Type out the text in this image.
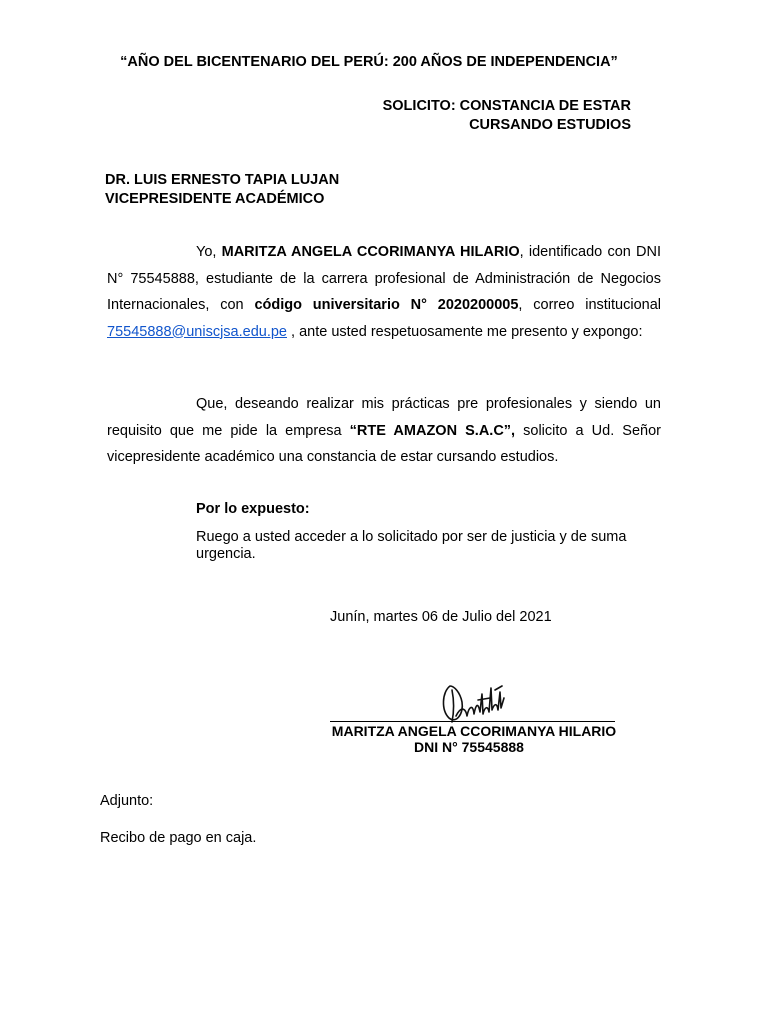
“AÑO DEL BICENTENARIO DEL PERÚ: 200 AÑOS DE INDEPENDENCIA”
SOLICITO: CONSTANCIA DE ESTAR
CURSANDO ESTUDIOS
DR. LUIS ERNESTO TAPIA LUJAN
VICEPRESIDENTE ACADÉMICO
Yo, MARITZA ANGELA CCORIMANYA HILARIO, identificado con DNI N° 75545888, estudiante de la carrera profesional de Administración de Negocios Internacionales, con código universitario N° 2020200005, correo institucional 75545888@uniscjsa.edu.pe , ante usted respetuosamente me presento y expongo:
Que, deseando realizar mis prácticas pre profesionales y siendo un requisito que me pide la empresa “RTE AMAZON S.A.C”, solicito a Ud. Señor vicepresidente académico una constancia de estar cursando estudios.
Por lo expuesto:
Ruego a usted acceder a lo solicitado por ser de justicia y de suma urgencia.
Junín, martes 06 de Julio del 2021
MARITZA ANGELA CCORIMANYA HILARIO
DNI N° 75545888
Adjunto:
Recibo de pago en caja.
